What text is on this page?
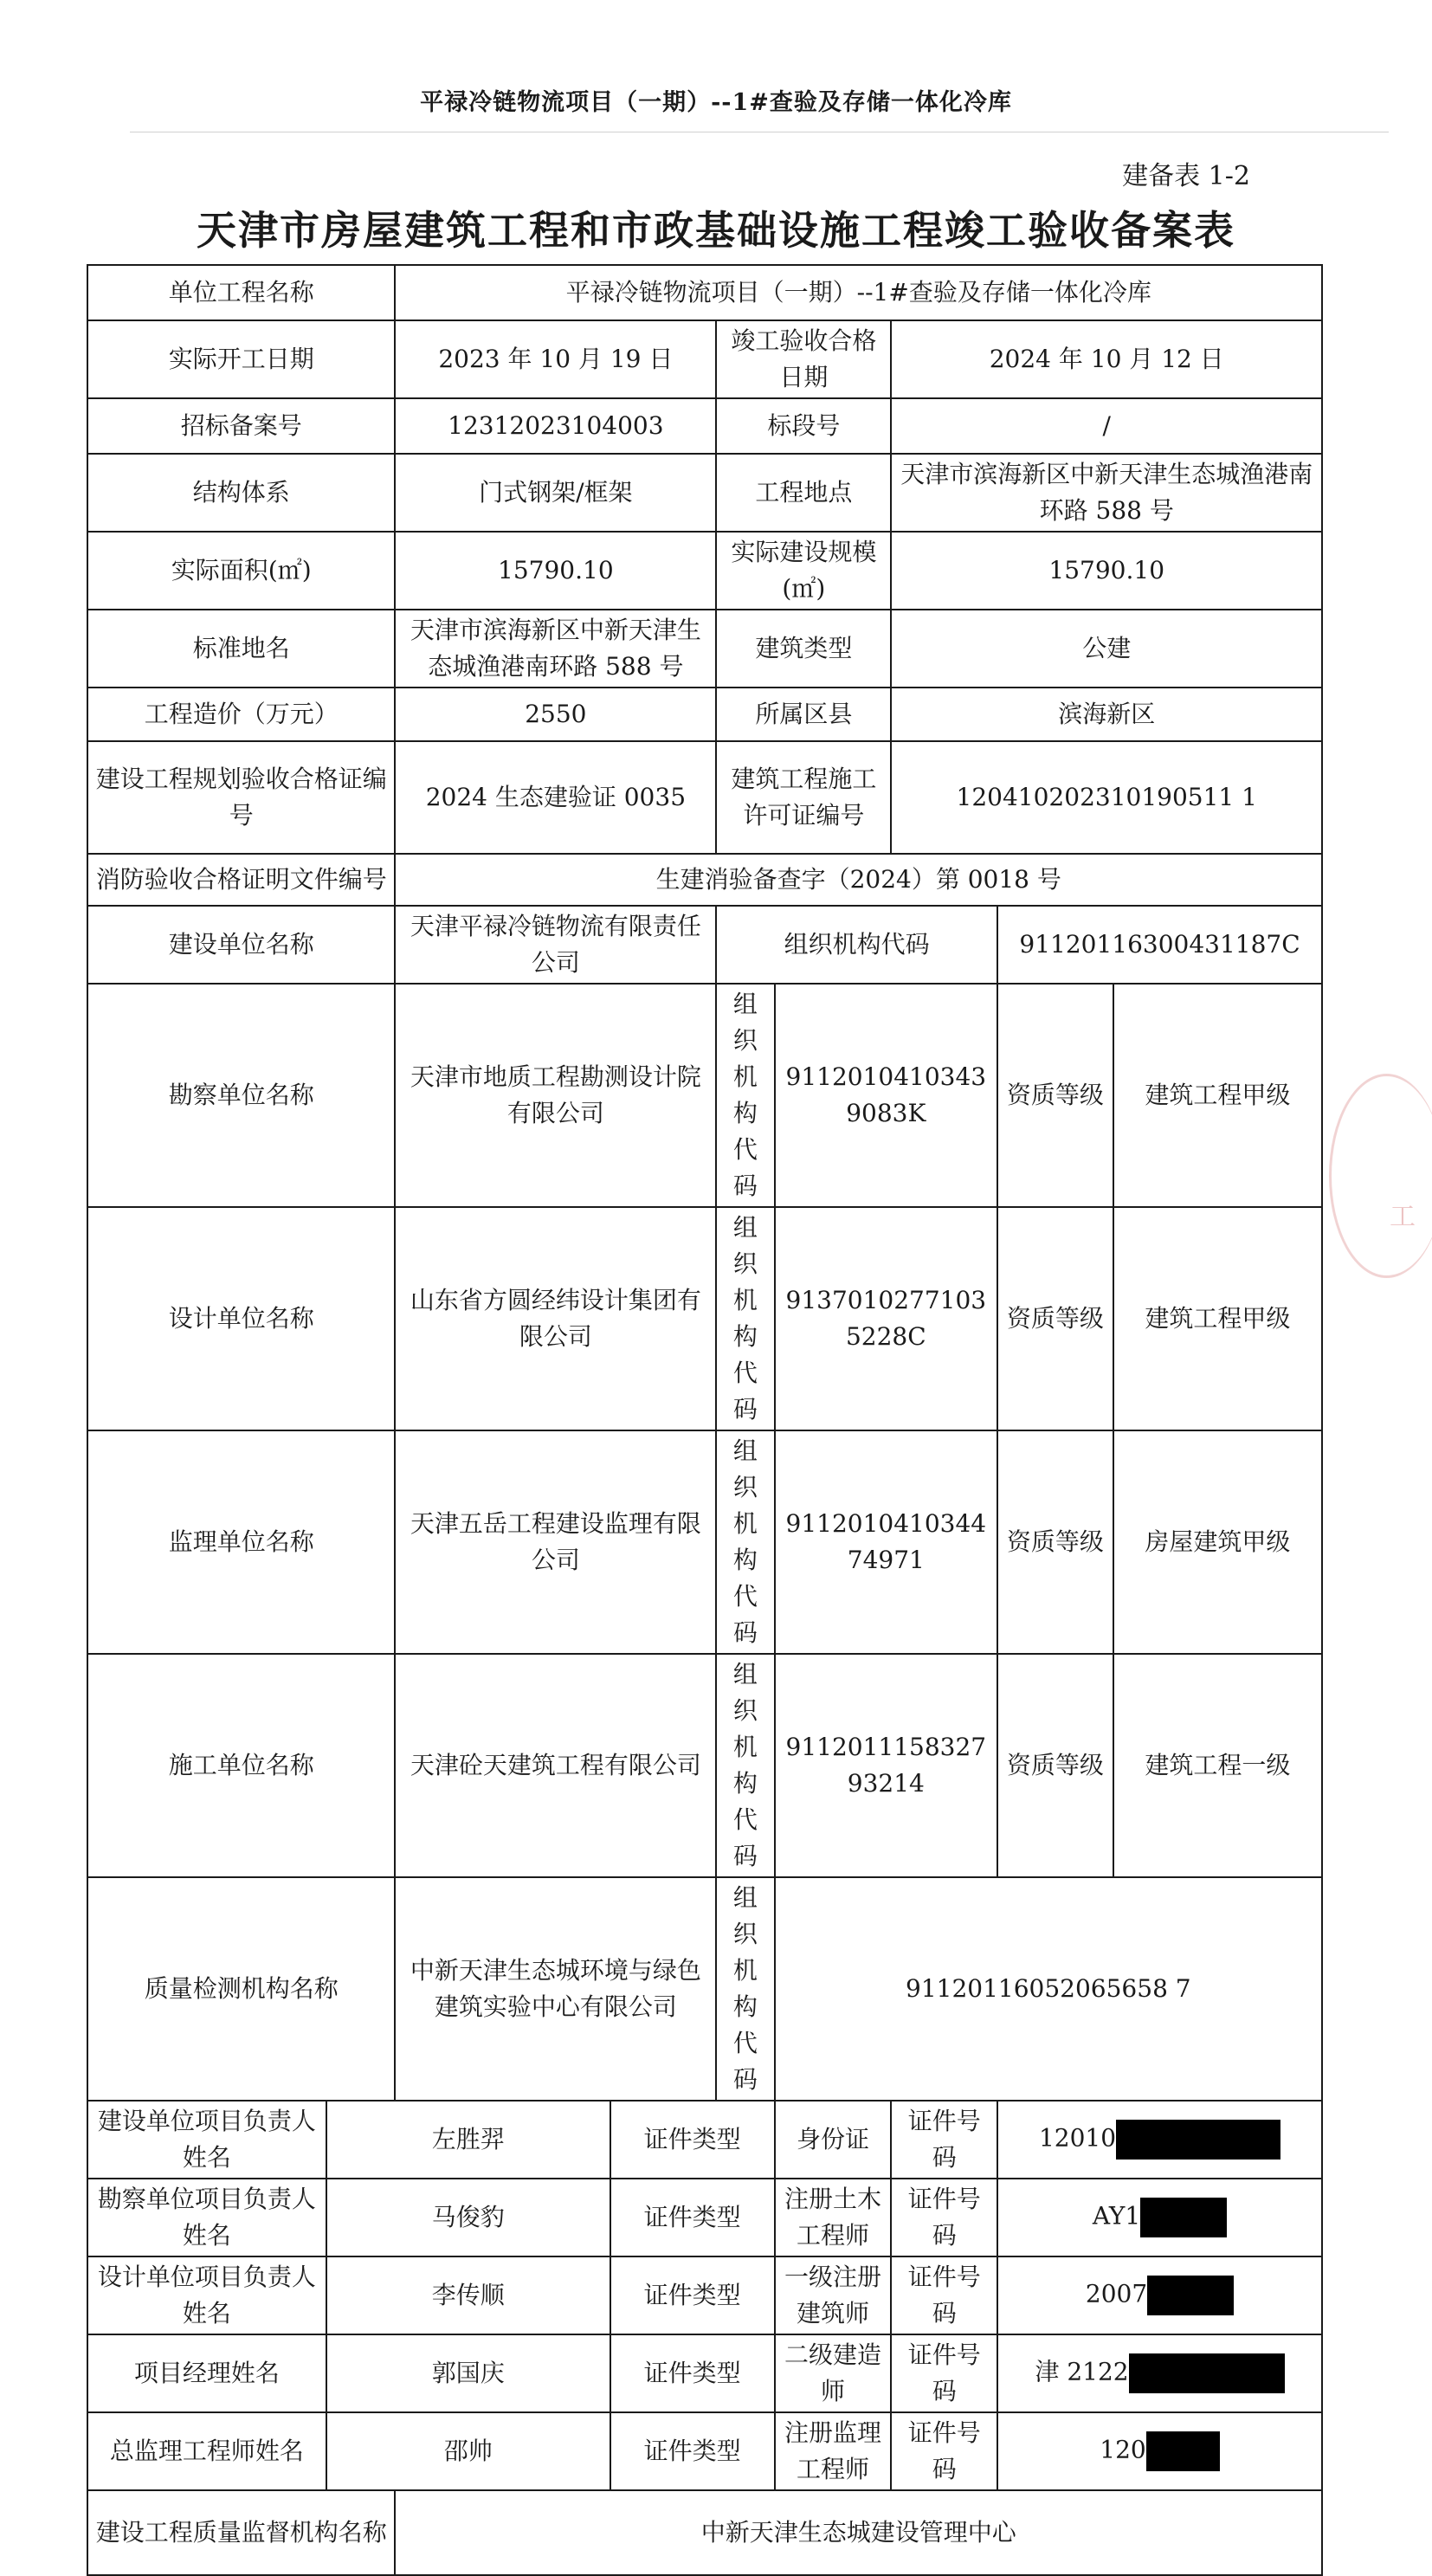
平禄冷链物流项目（一期）--1#查验及存储一体化冷库
建备表 1-2
天津市房屋建筑工程和市政基础设施工程竣工验收备案表
单位工程名称		平禄冷链物流项目（一期）--1#查验及存储一体化冷库						
实际开工日期		2023 年 10 月 19 日		竣工验收合格日期		2024 年 10 月 12 日		
招标备案号		12312023104003		标段号		/		
结构体系		门式钢架/框架		工程地点		天津市滨海新区中新天津生态城渔港南环路 588 号		
实际面积(㎡)		15790.10		实际建设规模(㎡)		15790.10		
标准地名		天津市滨海新区中新天津生态城渔港南环路 588 号		建筑类型		公建		
工程造价（万元）		2550		所属区县		滨海新区		
建设工程规划验收合格证编号		2024 生态建验证 0035		建筑工程施工许可证编号		120410202310190511 1		
消防验收合格证明文件编号		生建消验备查字（2024）第 0018 号						
建设单位名称		天津平禄冷链物流有限责任公司		组织机构代码			91120116300431187C	
勘察单位名称		天津市地质工程勘测设计院有限公司		组织机构代码	91120104103439083K		资质等级	建筑工程甲级
设计单位名称		山东省方圆经纬设计集团有限公司		组织机构代码	91370102771035228C		资质等级	建筑工程甲级
监理单位名称		天津五岳工程建设监理有限公司		组织机构代码	911201041034474971		资质等级	房屋建筑甲级
施工单位名称		天津砼天建筑工程有限公司		组织机构代码	911201115832793214		资质等级	建筑工程一级
质量检测机构名称		中新天津生态城环境与绿色建筑实验中心有限公司		组织机构代码	91120116052065658 7			
建设单位项目负责人姓名	左胜羿		证件类型		身份证	证件号码	12010	
勘察单位项目负责人姓名	马俊豹		证件类型		注册土木工程师	证件号码	AY1	
设计单位项目负责人姓名	李传顺		证件类型		一级注册建筑师	证件号码	2007	
项目经理姓名	郭国庆		证件类型		二级建造师	证件号码	津 2122	
总监理工程师姓名	邵帅		证件类型		注册监理工程师	证件号码	120	
建设工程质量监督机构名称		中新天津生态城建设管理中心						
工
